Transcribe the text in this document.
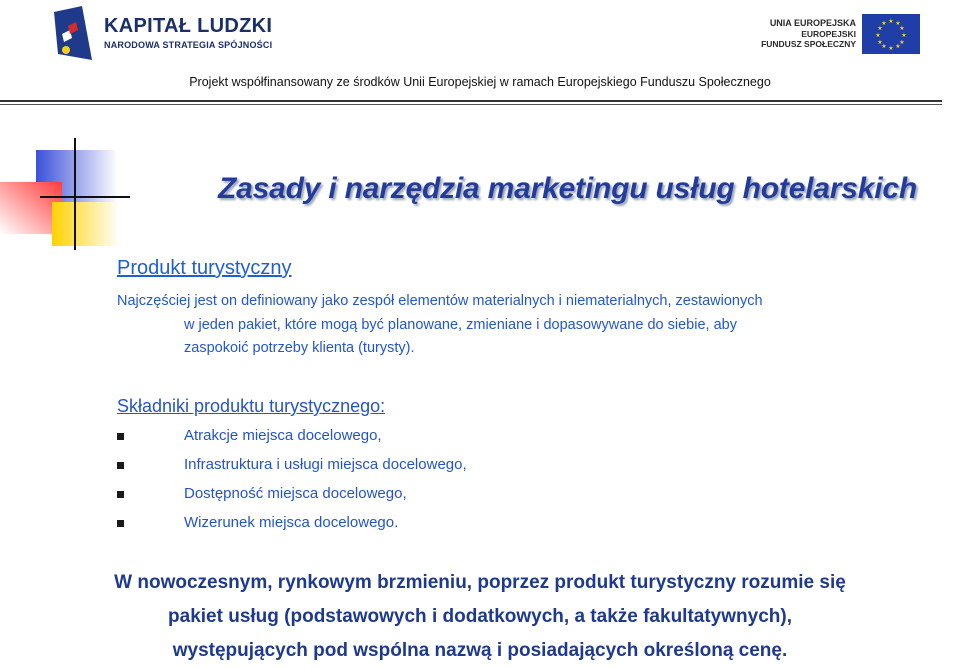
KAPITAŁ LUDZKI
NARODOWA STRATEGIA SPÓJNOŚCI
UNIA EUROPEJSKA
EUROPEJSKI
FUNDUSZ SPOŁECZNY
★ ★
★
★
★
★
★
★
★
★
★
★
Projekt współfinansowany ze środków Unii Europejskiej w ramach Europejskiego Funduszu Społecznego
Zasady i narzędzia marketingu usług hotelarskich
Produkt turystyczny
Najczęściej jest on definiowany jako zespół elementów materialnych i niematerialnych, zestawionych
w jeden pakiet, które mogą być planowane, zmieniane i dopasowywane do siebie, aby
zaspokoić potrzeby klienta (turysty).
Składniki produktu turystycznego:
Atrakcje miejsca docelowego,
Infrastruktura i usługi miejsca docelowego,
Dostępność miejsca docelowego,
Wizerunek miejsca docelowego.
W nowoczesnym, rynkowym brzmieniu, poprzez produkt turystyczny rozumie się
pakiet usług (podstawowych i dodatkowych, a także fakultatywnych),
występujących pod wspólna nazwą i posiadających określoną cenę.
